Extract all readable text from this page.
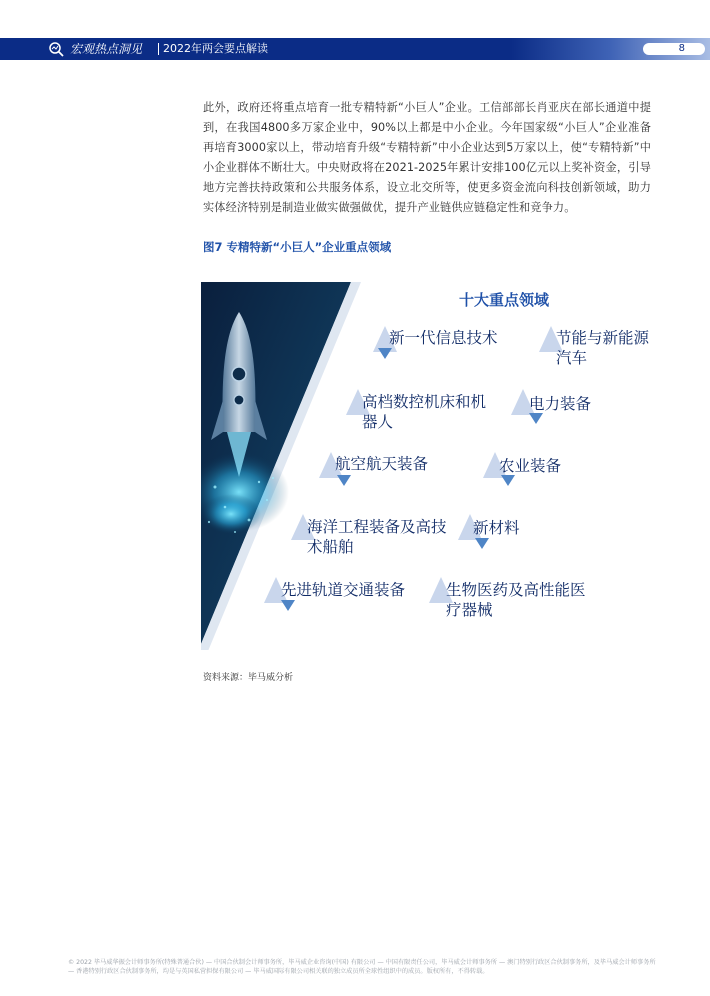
宏观热点洞见 2022年两会要点解读	8
此外，政府还将重点培育一批专精特新“小巨人”企业。工信部部长肖亚庆在部长通道中提到，在我国4800多万家企业中，90%以上都是中小企业。今年国家级“小巨人”企业准备再培育3000家以上，带动培育升级“专精特新”中小企业达到5万家以上，使“专精特新”中小企业群体不断壮大。中央财政将在2021-2025年累计安排100亿元以上奖补资金，引导地方完善扶持政策和公共服务体系，设立北交所等，使更多资金流向科技创新领域，助力实体经济特别是制造业做实做强做优，提升产业链供应链稳定性和竞争力。
图7 专精特新“小巨人”企业重点领域
十大重点领域
新一代信息技术	节能与新能源汽车
高档数控机床和机器人
电力装备
航空航天装备	农业装备
海洋工程装备及高技术船舶
新材料
先进轨道交通装备	生物医药及高性能医疗器械
资料来源：毕马威分析
© 2022 毕马威华振会计师事务所(特殊普通合伙) — 中国合伙制会计师事务所，毕马威企业咨询(中国) 有限公司 — 中国有限责任公司，毕马威会计师事务所 — 澳门特别行政区合伙制事务所，及毕马威会计师事务所 — 香港特别行政区合伙制事务所，均是与英国私营担保有限公司 — 毕马威国际有限公司相关联的独立成员所全球性组织中的成员。版权所有，不得转载。
